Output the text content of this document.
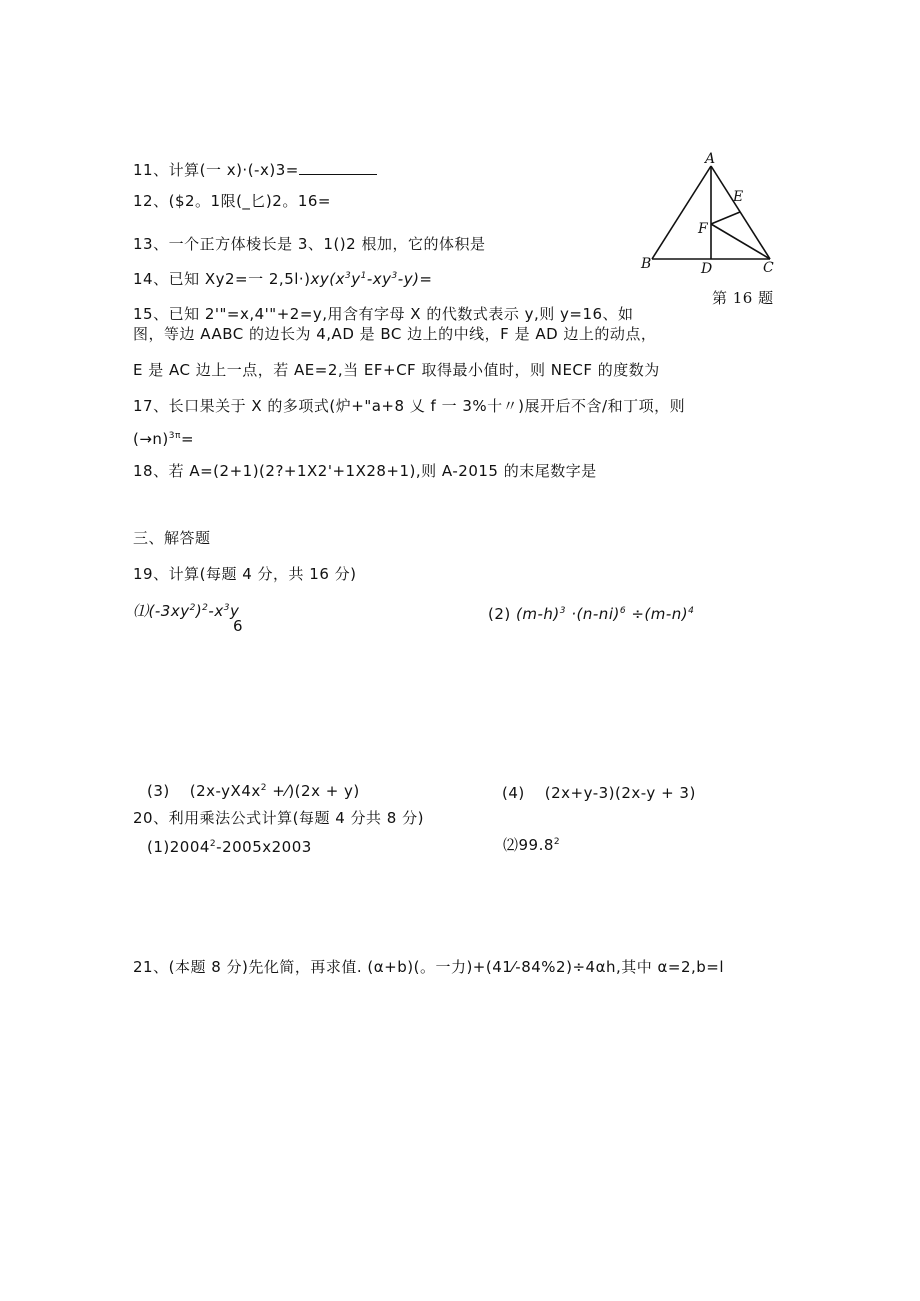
11、计算(一 x)·(-x)3=
12、($2。1限(_匕)2。16=
13、一个正方体棱长是 3、1()2 根加，它的体积是
14、已知 Xy2=一 $2,5l\cdot)xy(x^3y^1-xy^3-y)=$
15、已知 2'"=x,4'"+2=y,用含有字母 X 的代数式表示 y,则 y=16、如
图，等边 AABC 的边长为 4,AD 是 BC 边上的中线，F 是 AD 边上的动点，
E 是 AC 边上一点，若 AE=2,当 EF+CF 取得最小值时，则 NECF 的度数为
17、长口果关于 X 的多项式(炉+"a+8 乂 f 一 3%十〃)展开后不含/和丁项，则
$(\to n)^{3\pi}=$
18、若 A=(2+1)(2?+1X2'+1X28+1),则 A-2015 的末尾数字是
三、解答题
19、计算(每题 4 分，共 16 分)
$⑴(-3xy^2)^2-x^3y$
6
(2) $(m-h)^3 \cdot(n-ni)^6 \div(m-n)^4$
(3) ($2x-yX4x^2$ +⁄)(2x + y)	(4) (2x+y-3)(2x-y + 3)
20、利用乘法公式计算(每题 4 分共 8 分)
(1)2004$^2$-2005x2003	⑵99.8$^2$
21、(本题 8 分)先化简，再求值. (α+b)(。一力)+(41⁄-84%2)÷4αh,其中 α=2,b=l
A
B	C
D
E
F
第 16 题
